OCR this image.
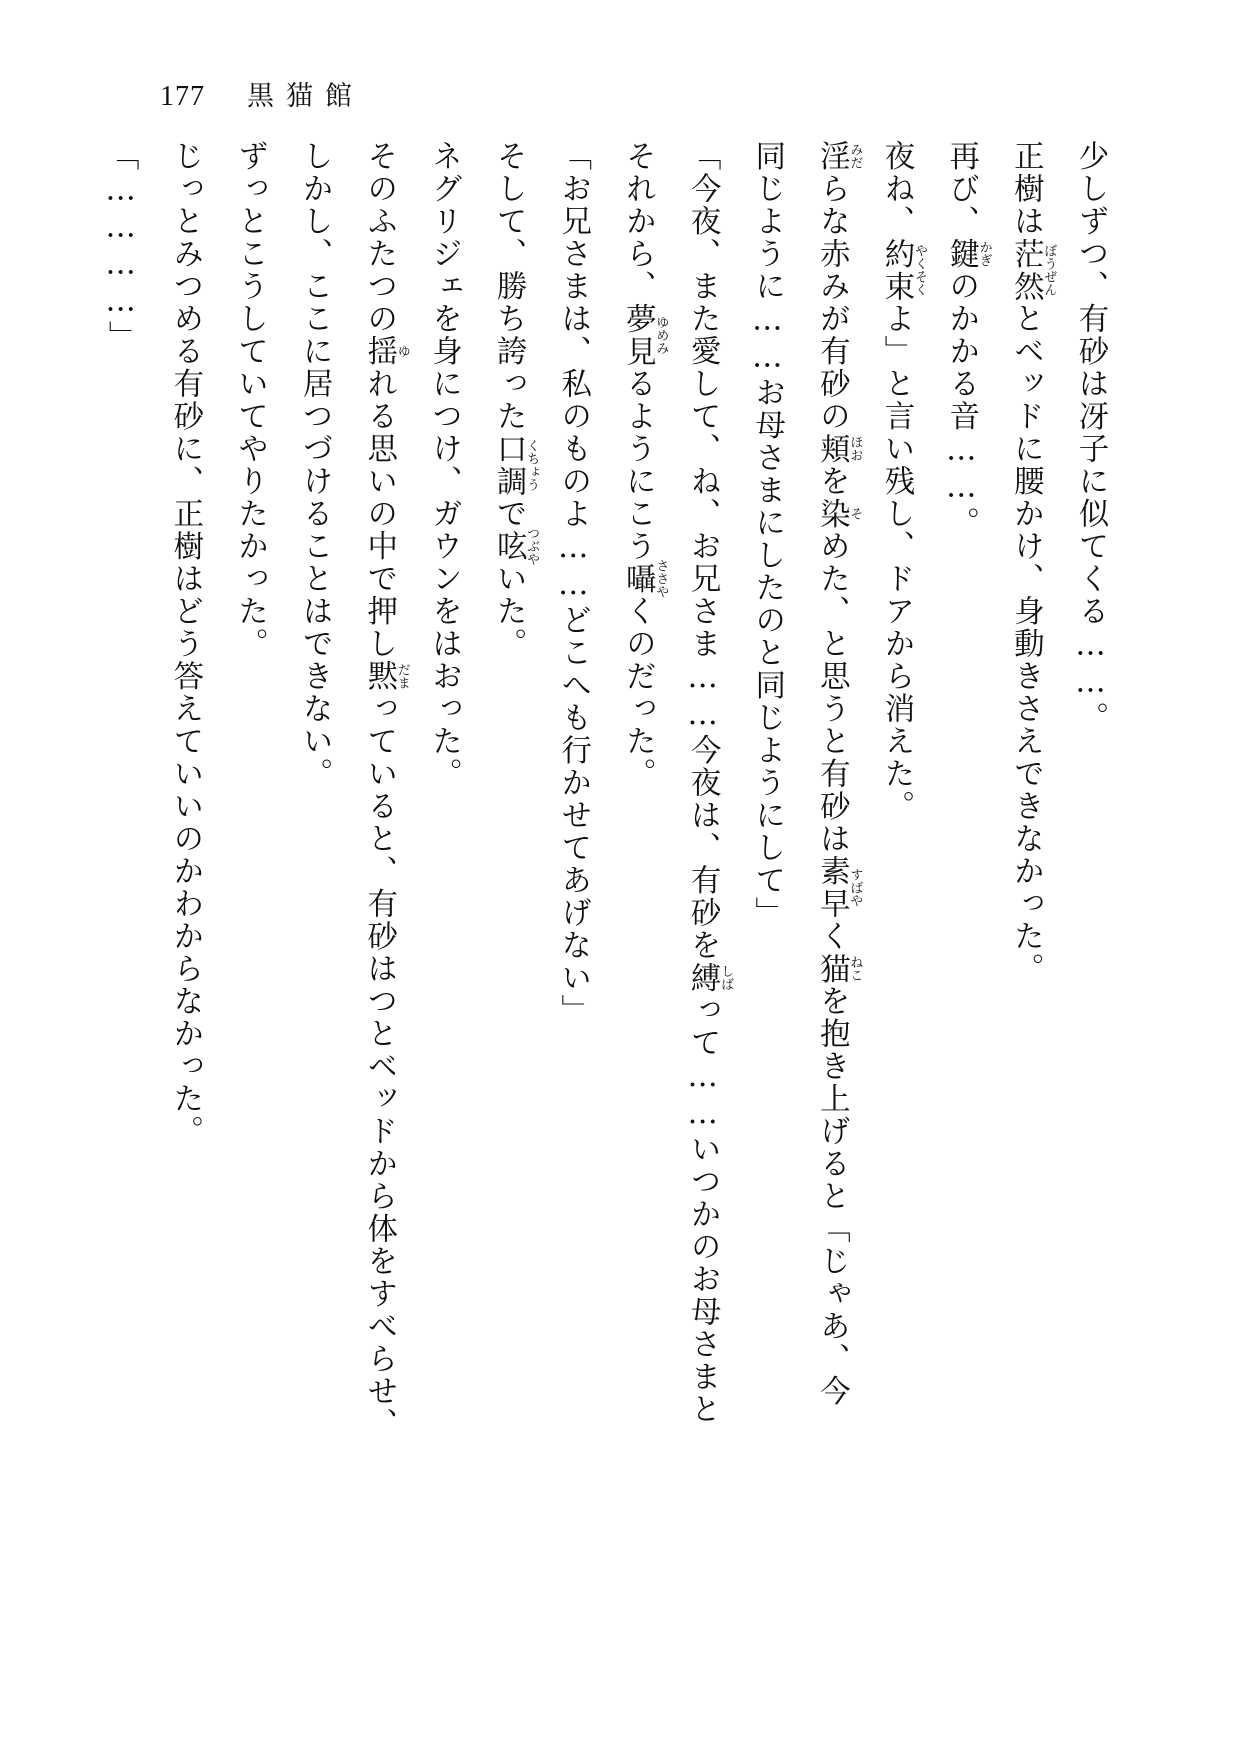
177 黒猫館

「…………」 じっとみつめる有砂に、正樹はどう答えていいのかわからなかった。 ずっとこうしていてやりたかった。 しかし、ここに居つづけることはできない。 そのふたつの揺ゆれる思いの中で押し黙だまっていると、有砂はつとベッドから体をすべらせ、

ネグリジェを身につけ、ガウンをはおった。 そして、勝ち誇った口調くちょうで呟つぶやいた。 「お兄さまは、私のものよ……どこへも行かせてあげない」 それから、夢見ゆめみるようにこう囁ささやくのだった。 「今夜、また愛して、ね、お兄さま……今夜は、有砂を縛しばって……いつかのお母さまと

同じように……お母さまにしたのと同じようにして」 淫みだらな赤みが有砂の頬ほおを染そめた、と思うと有砂は素早すばやく猫ねこを抱き上げると「じゃあ、今

夜ね、約束やくそくよ」と言い残し、ドアから消えた。

再び、鍵かぎのかかる音……。

正樹は茫然ぼうぜんとベッドに腰かけ、身動きさえできなかった。 少しずつ、有砂は冴子に似てくる……。
